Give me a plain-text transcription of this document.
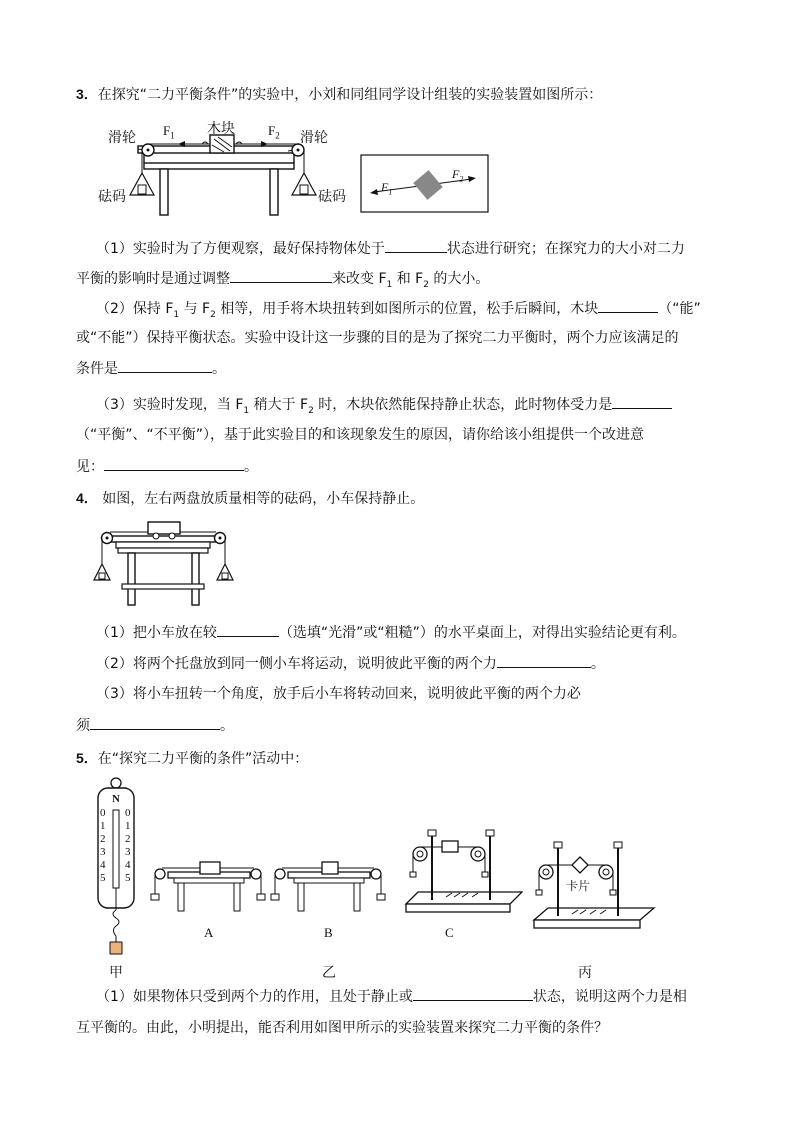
3．在探究“二力平衡条件”的实验中，小刘和同组同学设计组装的实验装置如图所示：
滑轮	滑轮
木块
$F_1$	$F_2$
砝码	砝码
$F_1$
$F_2$
（1）实验时为了方便观察，最好保持物体处于	状态进行研究；在探究力的大小对二力
平衡的影响时是通过调整	来改变 $F_1$ 和 $F_2$ 的大小。
（2）保持 $F_1$ 与 $F_2$ 相等，用手将木块扭转到如图所示的位置，松手后瞬间，木块	（“能”
或“不能”）保持平衡状态。实验中设计这一步骤的目的是为了探究二力平衡时，两个力应该满足的
条件是	。
（3）实验时发现，当 $F_1$ 稍大于 $F_2$ 时，木块依然能保持静止状态，此时物体受力是
（“平衡”、“不平衡”），基于此实验目的和该现象发生的原因，请你给该小组提供一个改进意
见：	。
4． 如图，左右两盘放质量相等的砝码，小车保持静止。
（1）把小车放在较	（选填“光滑”或“粗糙”）的水平桌面上，对得出实验结论更有利。
（2）将两个托盘放到同一侧小车将运动，说明彼此平衡的两个力	。
（3）将小车扭转一个角度，放手后小车将转动回来，说明彼此平衡的两个力必
须	。
5．在“探究二力平衡的条件”活动中：
N
0
1
2
3
4
5
0
1
2
3
4
5
A	B	C
卡片
甲	乙	丙
（1）如果物体只受到两个力的作用，且处于静止或	状态，说明这两个力是相
互平衡的。由此，小明提出，能否利用如图甲所示的实验装置来探究二力平衡的条件？
